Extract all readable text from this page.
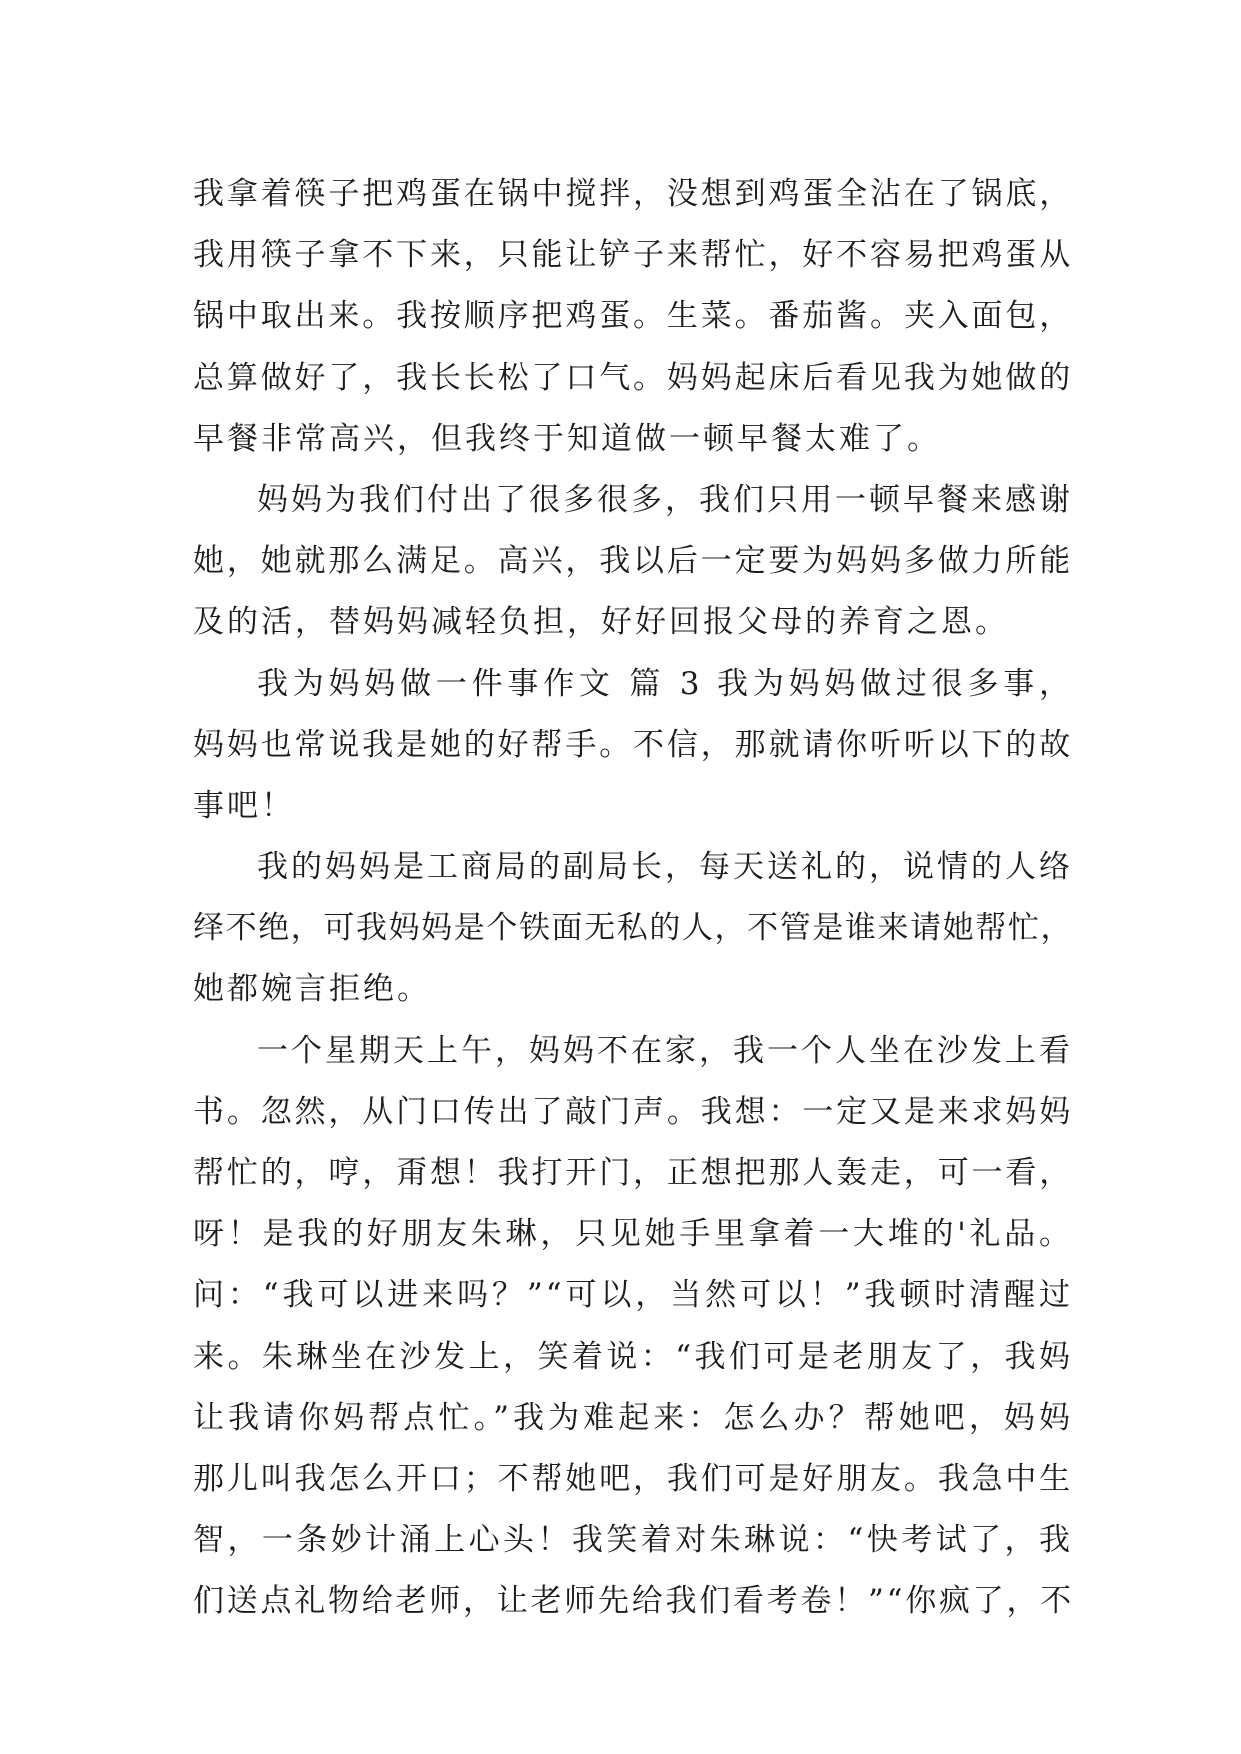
我拿着筷子把鸡蛋在锅中搅拌，没想到鸡蛋全沾在了锅底，
我用筷子拿不下来，只能让铲子来帮忙，好不容易把鸡蛋从
锅中取出来。我按顺序把鸡蛋。生菜。番茄酱。夹入面包，
总算做好了，我长长松了口气。妈妈起床后看见我为她做的
早餐非常高兴，但我终于知道做一顿早餐太难了。
妈妈为我们付出了很多很多，我们只用一顿早餐来感谢
她，她就那么满足。高兴，我以后一定要为妈妈多做力所能
及的活，替妈妈减轻负担，好好回报父母的养育之恩。
我为妈妈做一件事作文 篇 3 我为妈妈做过很多事，
妈妈也常说我是她的好帮手。不信，那就请你听听以下的故
事吧！
我的妈妈是工商局的副局长，每天送礼的，说情的人络
绎不绝，可我妈妈是个铁面无私的人，不管是谁来请她帮忙，
她都婉言拒绝。
一个星期天上午，妈妈不在家，我一个人坐在沙发上看
书。忽然，从门口传出了敲门声。我想：一定又是来求妈妈
帮忙的，哼，甭想！我打开门，正想把那人轰走，可一看，
呀！是我的好朋友朱琳，只见她手里拿着一大堆的'礼品。
问：“我可以进来吗？”“可以，当然可以！”我顿时清醒过
来。朱琳坐在沙发上，笑着说：“我们可是老朋友了，我妈
让我请你妈帮点忙。”我为难起来：怎么办？帮她吧，妈妈
那儿叫我怎么开口；不帮她吧，我们可是好朋友。我急中生
智，一条妙计涌上心头！我笑着对朱琳说：“快考试了，我
们送点礼物给老师，让老师先给我们看考卷！”“你疯了，不
